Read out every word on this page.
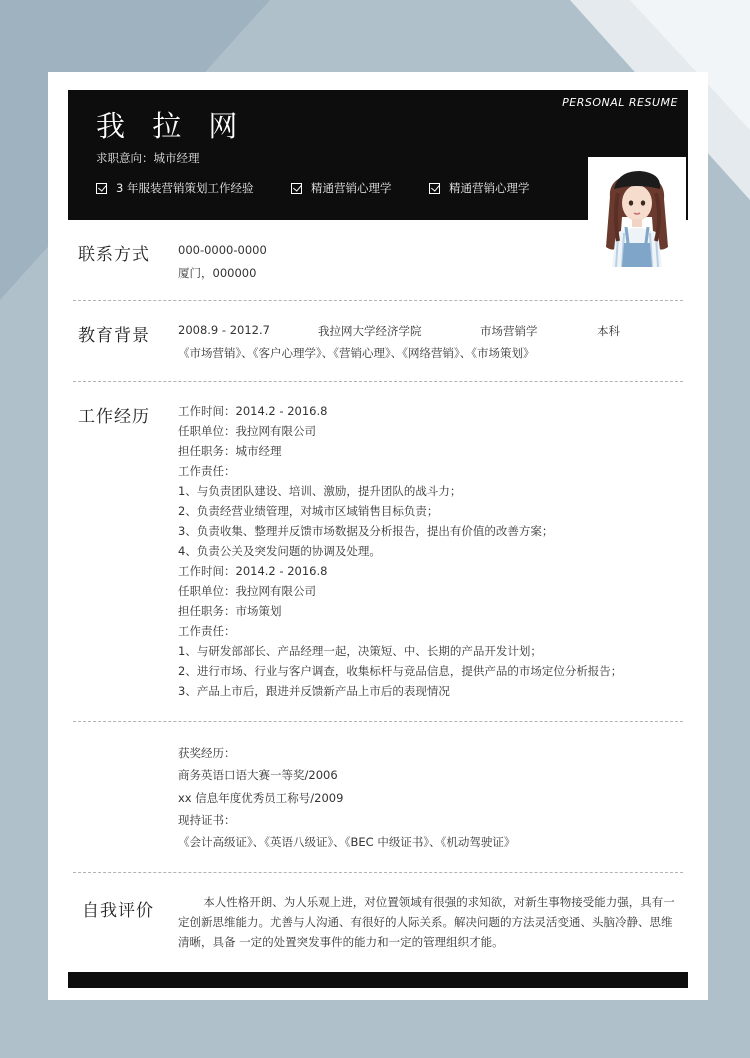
PERSONAL RESUME
我 拉 网
求职意向：城市经理
3 年服装营销策划工作经验	精通营销心理学	精通营销心理学
联系方式 000-0000-0000
厦门，000000
教育背景 2008.9 - 2012.7	我拉网大学经济学院	市场营销学	本科
《市场营销》、《客户心理学》、《营销心理》、《网络营销》、《市场策划》
工作经历 工作时间：2014.2 - 2016.8
任职单位：我拉网有限公司
担任职务：城市经理
工作责任：
1、与负责团队建设、培训、激励，提升团队的战斗力；
2、负责经营业绩管理，对城市区域销售目标负责；
3、负责收集、整理并反馈市场数据及分析报告，提出有价值的改善方案；
4、负责公关及突发问题的协调及处理。
工作时间：2014.2 - 2016.8
任职单位：我拉网有限公司
担任职务：市场策划
工作责任：
1、与研发部部长、产品经理一起，决策短、中、长期的产品开发计划；
2、进行市场、行业与客户调查，收集标杆与竞品信息，提供产品的市场定位分析报告；
3、产品上市后，跟进并反馈新产品上市后的表现情况
获奖经历：
商务英语口语大赛一等奖/2006
xx 信息年度优秀员工称号/2009
现持证书：
《会计高级证》、《英语八级证》、《BEC 中级证书》、《机动驾驶证》
自我评价	本人性格开朗、为人乐观上进，对位置领域有很强的求知欲，对新生事物接受能力强，具有一定创新思维能力。尤善与人沟通、有很好的人际关系。解决问题的方法灵活变通、头脑冷静、思维清晰，具备 一定的处置突发事件的能力和一定的管理组织才能。
